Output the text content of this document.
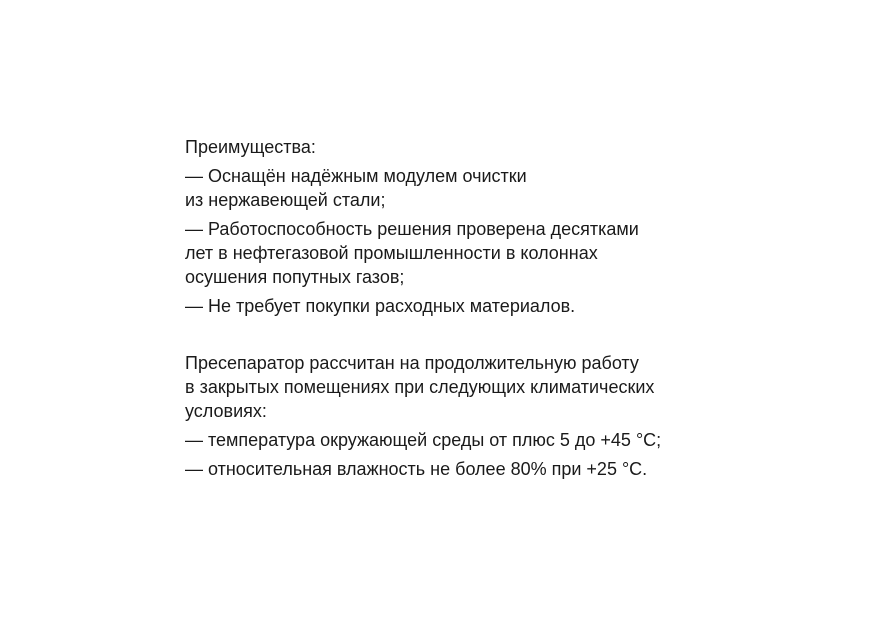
Преимущества:

— Оснащён надёжным модулем очистки
из нержавеющей стали;

— Работоспособность решения проверена десятками
лет в нефтегазовой промышленности в колоннах
осушения попутных газов;

— Не требует покупки расходных материалов.

Пресепаратор рассчитан на продолжительную работу
в закрытых помещениях при следующих климатических
условиях:

— температура окружающей среды от плюс 5 до +45 °С;

— относительная влажность не более 80% при +25 °С.
